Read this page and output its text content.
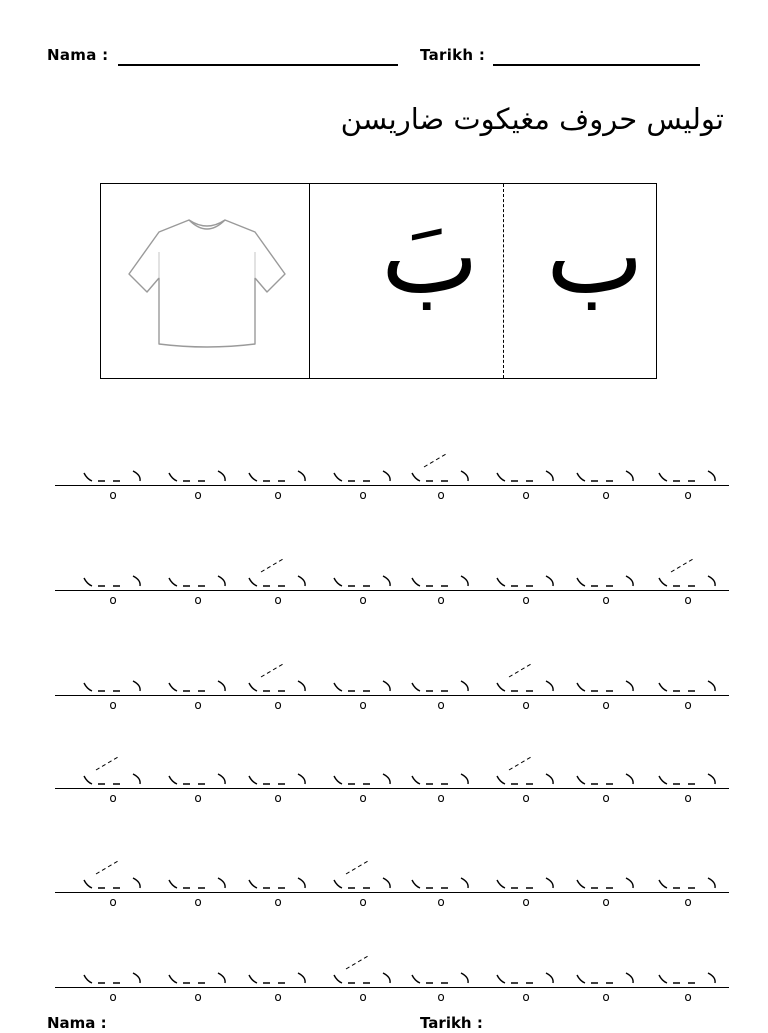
Nama :	Tarikh :
توليس حروف مغيكوت ضاريسن
بَ ب
o	o	o	o	o	o	o	o
o	o	o	o	o	o	o	o
o	o	o	o	o	o	o	o
o	o	o	o	o	o	o	o
o	o	o	o	o	o	o	o
o	o	o	o	o	o	o	o
Nama :	Tarikh :
